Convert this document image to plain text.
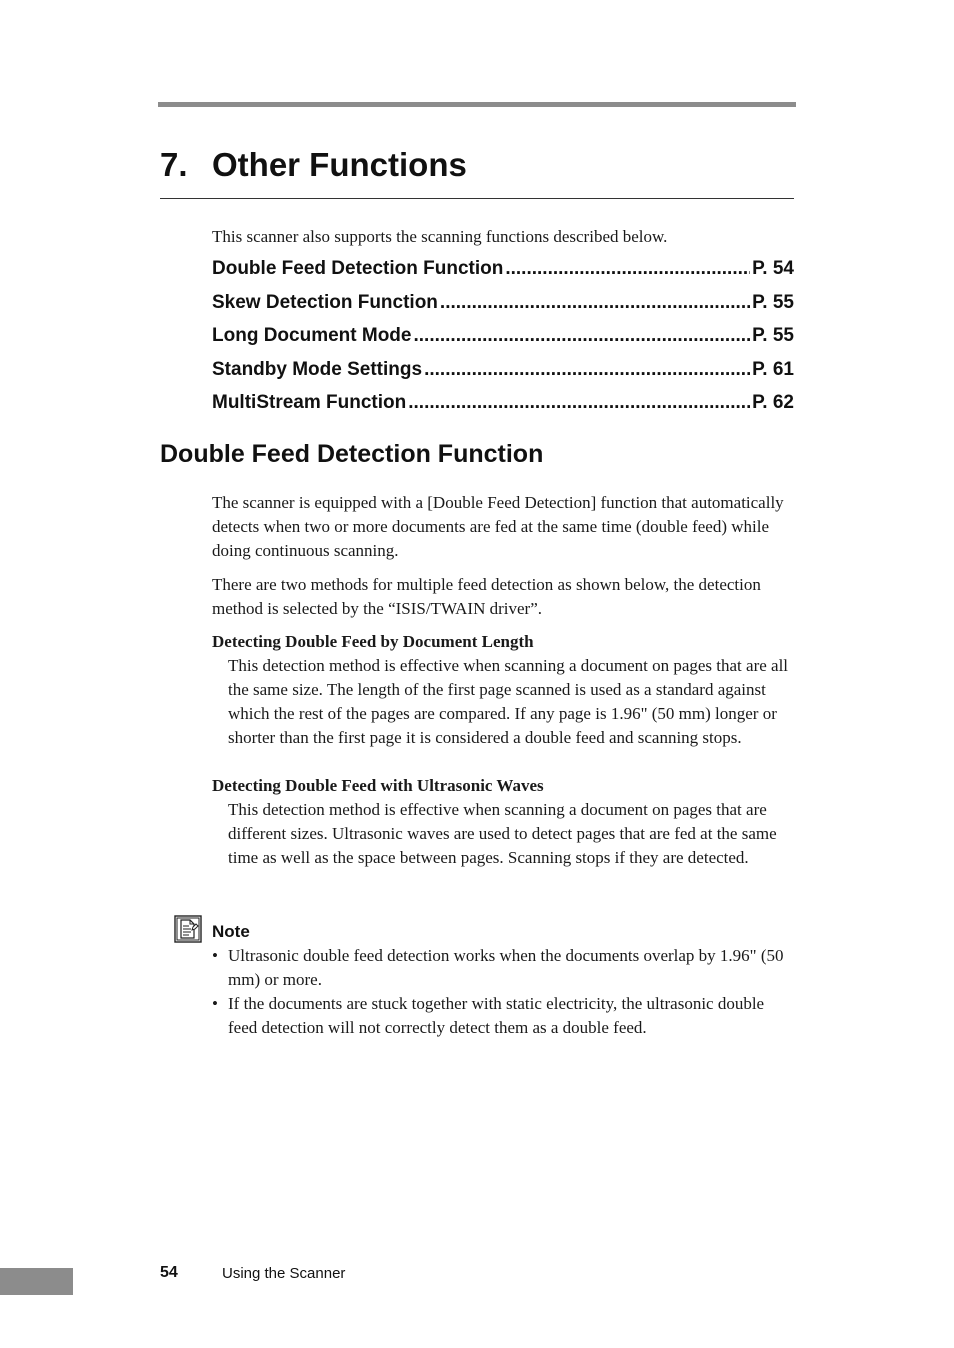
7. Other Functions

This scanner also supports the scanning functions described below.

Double Feed Detection Function .....	P. 54
Skew Detection Function .....	P. 55
Long Document Mode .....	P. 55
Standby Mode Settings .....	P. 61
MultiStream Function .....	P. 62
Double Feed Detection Function

The scanner is equipped with a [Double Feed Detection] function that automatically detects when two or more documents are fed at the same time (double feed) while doing continuous scanning.

There are two methods for multiple feed detection as shown below, the detection method is selected by the “ISIS/TWAIN driver”.

Detecting Double Feed by Document Length

This detection method is effective when scanning a document on pages that are all the same size. The length of the first page scanned is used as a standard against which the rest of the pages are compared. If any page is 1.96" (50 mm) longer or shorter than the first page it is considered a double feed and scanning stops.

Detecting Double Feed with Ultrasonic Waves

This detection method is effective when scanning a document on pages that are different sizes. Ultrasonic waves are used to detect pages that are fed at the same time as well as the space between pages. Scanning stops if they are detected.

Note

• Ultrasonic double feed detection works when the documents overlap by 1.96" (50 mm) or more.
• If the documents are stuck together with static electricity, the ultrasonic double feed detection will not correctly detect them as a double feed.
54	Using the Scanner
